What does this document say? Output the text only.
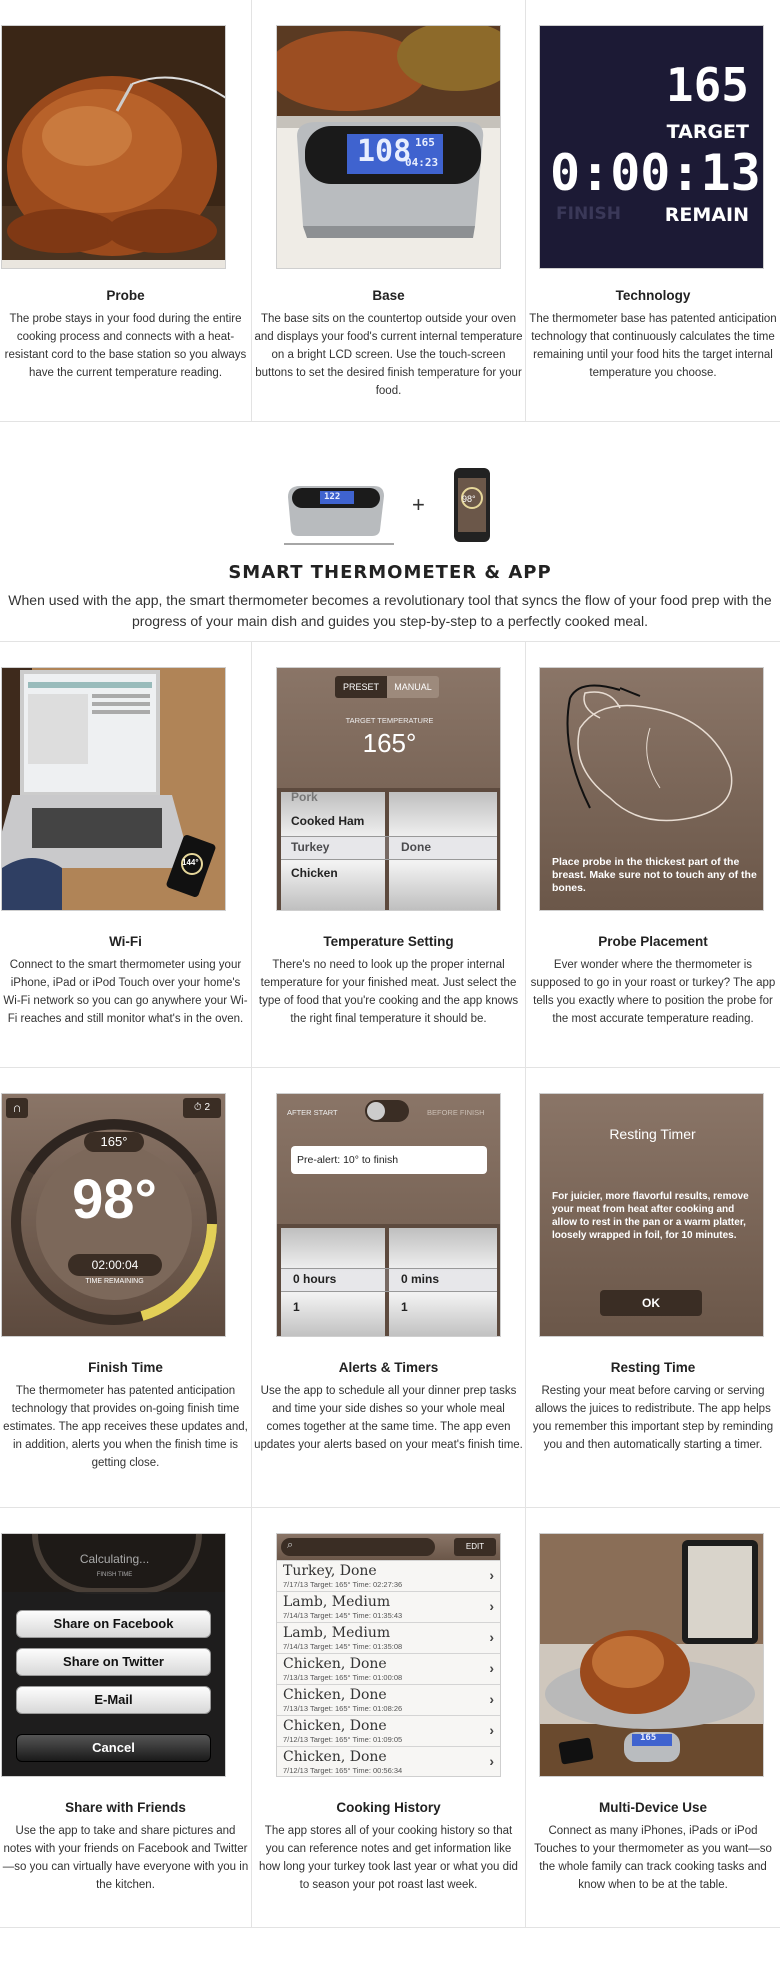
Probe
The probe stays in your food during the entire cooking process and connects with a heat-resistant cord to the base station so you always have the current temperature reading.
108 165
04:23
Base
The base sits on the countertop outside your oven and displays your food's current internal temperature on a bright LCD screen. Use the touch-screen buttons to set the desired finish temperature for your food.
165
TARGET
0:00:13
FINISH REMAIN
Technology
The thermometer base has patented anticipation technology that continuously calculates the time remaining until your food hits the target internal temperature you choose.
122	+	98°
SMART THERMOMETER & APP
When used with the app, the smart thermometer becomes a revolutionary tool that syncs the flow of your food prep with the progress of your main dish and guides you step-by-step to a perfectly cooked meal.
144°
Wi-Fi
Connect to the smart thermometer using your iPhone, iPad or iPod Touch over your home's Wi-Fi network so you can go anywhere your Wi-Fi reaches and still monitor what's in the oven.
PRESET	MANUAL
TARGET TEMPERATURE
165°
Pork
Cooked Ham
Turkey
Chicken
Done
Temperature Setting
There's no need to look up the proper internal temperature for your finished meat. Just select the type of food that you're cooking and the app knows the right final temperature it should be.
Place probe in the thickest part of the breast. Make sure not to touch any of the bones.
Probe Placement
Ever wonder where the thermometer is supposed to go in your roast or turkey? The app tells you exactly where to position the probe for the most accurate temperature reading.
∩	⏱ 2
165°
98°
02:00:04
TIME REMAINING
Finish Time
The thermometer has patented anticipation technology that provides on-going finish time estimates. The app receives these updates and, in addition, alerts you when the finish time is getting close.
AFTER START	BEFORE FINISH
Pre-alert: 10° to finish
0 hours
1
0 mins
1
Alerts & Timers
Use the app to schedule all your dinner prep tasks and time your side dishes so your whole meal comes together at the same time. The app even updates your alerts based on your meat's finish time.
Resting Timer
For juicier, more flavorful results, remove your meat from heat after cooking and allow to rest in the pan or a warm platter, loosely wrapped in foil, for 10 minutes.
OK
Resting Time
Resting your meat before carving or serving allows the juices to redistribute. The app helps you remember this important step by reminding you and then automatically starting a timer.
Calculating...
FINISH TIME
Share on Facebook
Share on Twitter
E-Mail
Cancel
Share with Friends
Use the app to take and share pictures and notes with your friends on Facebook and Twitter—so you can virtually have everyone with you in the kitchen.
⌕	EDIT
Turkey, Done
7/17/13 Target: 165° Time: 02:27:36
›
Lamb, Medium
7/14/13 Target: 145° Time: 01:35:43
›
Lamb, Medium
7/14/13 Target: 145° Time: 01:35:08
›
Chicken, Done
7/13/13 Target: 165° Time: 01:00:08
›
Chicken, Done
7/13/13 Target: 165° Time: 01:08:26
›
Chicken, Done
7/12/13 Target: 165° Time: 01:09:05
›
Chicken, Done
7/12/13 Target: 165° Time: 00:56:34
›
Cooking History
The app stores all of your cooking history so that you can reference notes and get information like how long your turkey took last year or what you did to season your pot roast last week.
165
Multi-Device Use
Connect as many iPhones, iPads or iPod Touches to your thermometer as you want—so the whole family can track cooking tasks and know when to be at the table.
